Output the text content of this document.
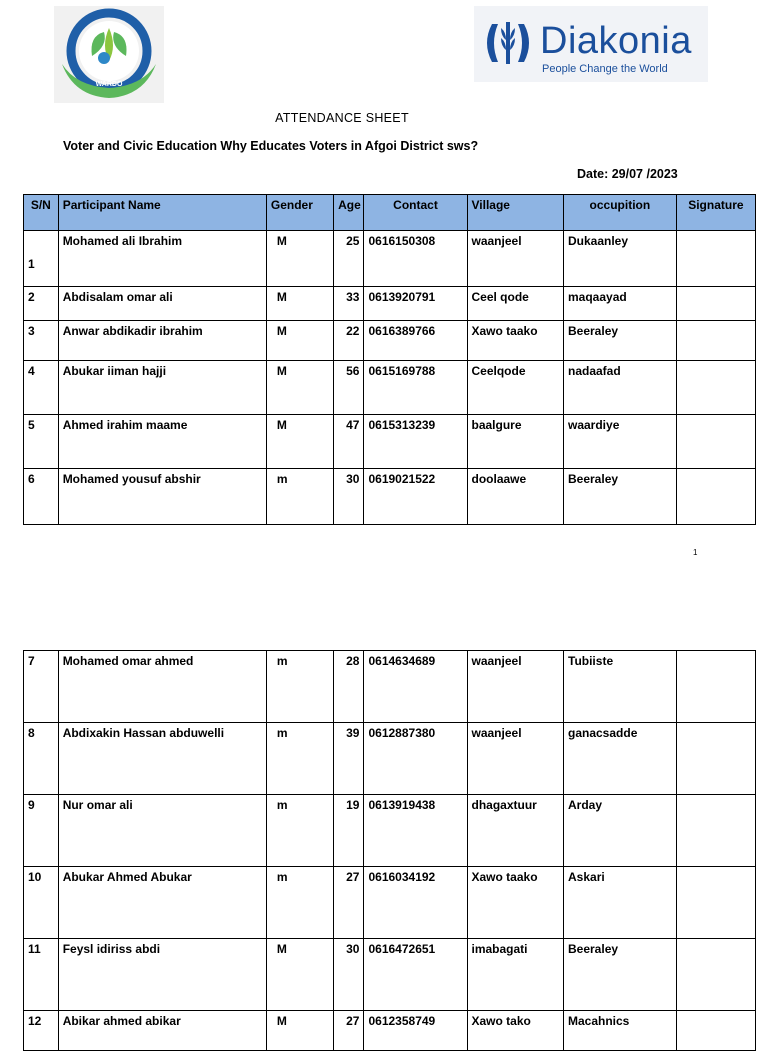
WARDO
Diakonia
People Change the World
ATTENDANCE SHEET
Voter and Civic Education Why Educates Voters in Afgoi District sws?
Date: 29/07 /2023
1
S/N	Participant Name	Gender	Age	Contact	Village	occupition	Signature
1	Mohamed ali Ibrahim	M	25	0616150308	waanjeel	Dukaanley	
2	Abdisalam omar ali	M	33	0613920791	Ceel qode	maqaayad	
3	Anwar abdikadir ibrahim	M	22	0616389766	Xawo taako	Beeraley	
4	Abukar iiman hajji	M	56	0615169788	Ceelqode	nadaafad	
5	Ahmed irahim maame	M	47	0615313239	baalgure	waardiye	
6	Mohamed yousuf abshir	m	30	0619021522	doolaawe	Beeraley	
7	Mohamed omar ahmed	m	28	0614634689	waanjeel	Tubiiste	
8	Abdixakin Hassan abduwelli	m	39	0612887380	waanjeel	ganacsadde	
9	Nur omar ali	m	19	0613919438	dhagaxtuur	Arday	
10	Abukar Ahmed Abukar	m	27	0616034192	Xawo taako	Askari	
11	Feysl idiriss abdi	M	30	0616472651	imabagati	Beeraley	
12	Abikar ahmed abikar	M	27	0612358749	Xawo tako	Macahnics	
